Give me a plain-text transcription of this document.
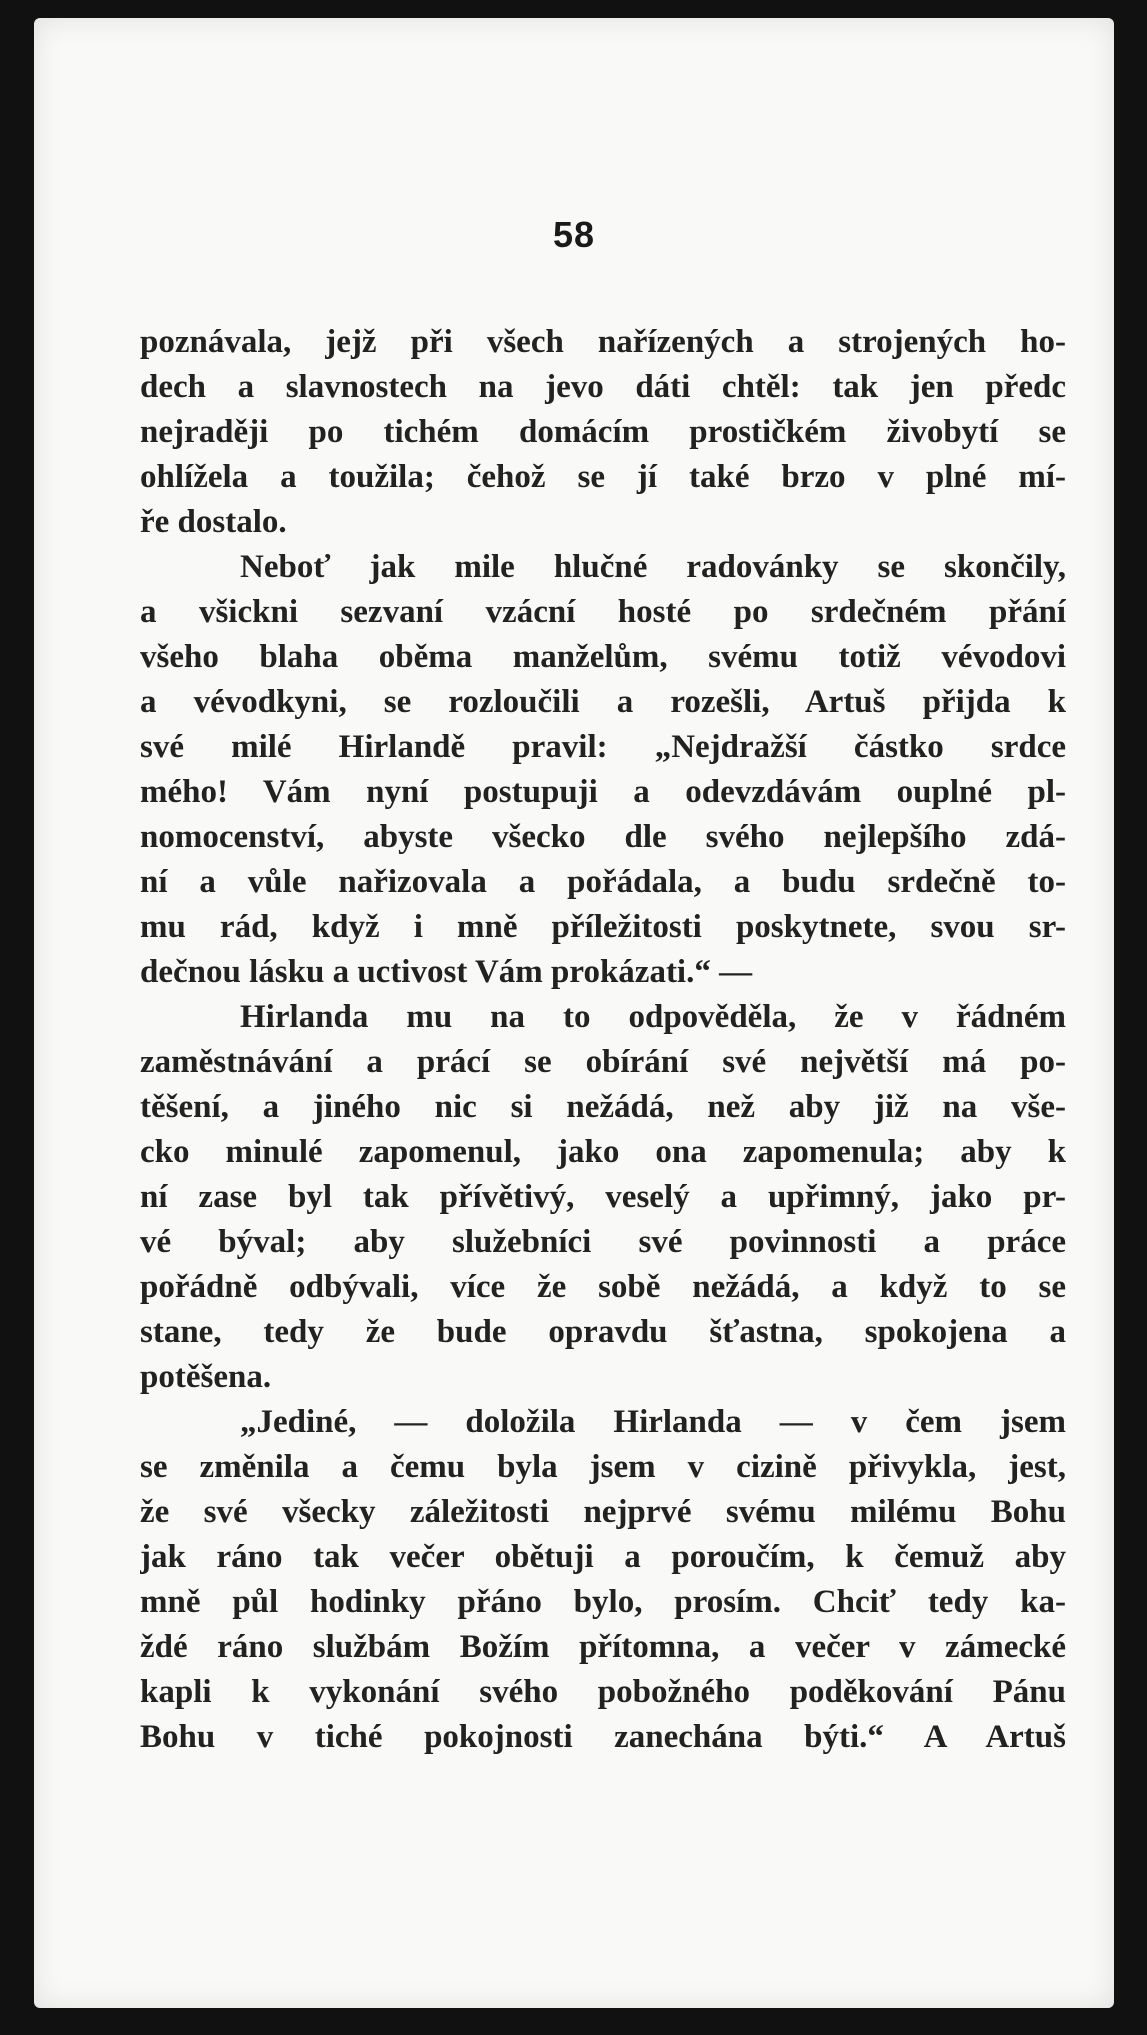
58
poznávala, jejž při všech nařízených a strojených ho-
dech a slavnostech na jevo dáti chtěl: tak jen předc
nejraději po tichém domácím prostičkém živobytí se
ohlížela a toužila; čehož se jí také brzo v plné mí-
ře dostalo.
Neboť jak mile hlučné radovánky se skončily,
a všickni sezvaní vzácní hosté po srdečném přání
všeho blaha oběma manželům, svému totiž vévodovi
a vévodkyni, se rozloučili a rozešli, Artuš přijda k
své milé Hirlandě pravil: „Nejdražší částko srdce
mého! Vám nyní postupuji a odevzdávám ouplné pl-
nomocenství, abyste všecko dle svého nejlepšího zdá-
ní a vůle nařizovala a pořádala, a budu srdečně to-
mu rád, když i mně příležitosti poskytnete, svou sr-
dečnou lásku a uctivost Vám prokázati.“ —
Hirlanda mu na to odpověděla, že v řádném
zaměstnávání a prácí se obírání své největší má po-
těšení, a jiného nic si nežádá, než aby již na vše-
cko minulé zapomenul, jako ona zapomenula; aby k
ní zase byl tak přívětivý, veselý a upřimný, jako pr-
vé býval; aby služebníci své povinnosti a práce
pořádně odbývali, více že sobě nežádá, a když to se
stane, tedy že bude opravdu šťastna, spokojena a
potěšena.
„Jediné, — doložila Hirlanda — v čem jsem
se změnila a čemu byla jsem v cizině přivykla, jest,
že své všecky záležitosti nejprvé svému milému Bohu
jak ráno tak večer obětuji a poroučím, k čemuž aby
mně půl hodinky přáno bylo, prosím. Chciť tedy ka-
ždé ráno službám Božím přítomna, a večer v zámecké
kapli k vykonání svého pobožného poděkování Pánu
Bohu v tiché pokojnosti zanechána býti.“ A Artuš
